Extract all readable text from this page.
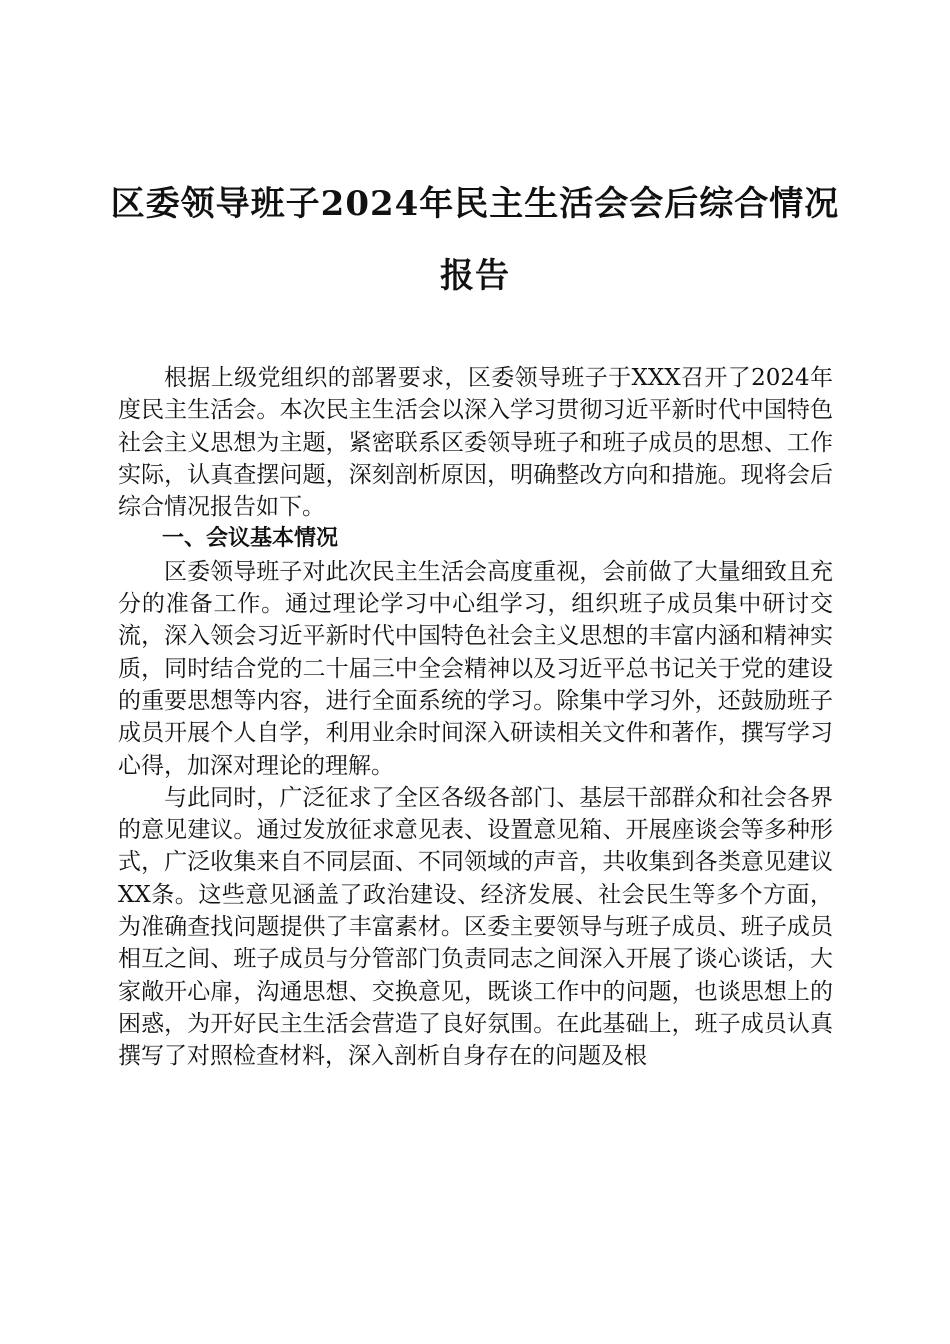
区委领导班子2024年民主生活会会后综合情况报告

根据上级党组织的部署要求，区委领导班子于XXX召开了2024年度民主生活会。本次民主生活会以深入学习贯彻习近平新时代中国特色社会主义思想为主题，紧密联系区委领导班子和班子成员的思想、工作实际，认真查摆问题，深刻剖析原因，明确整改方向和措施。现将会后综合情况报告如下。

一、会议基本情况

区委领导班子对此次民主生活会高度重视，会前做了大量细致且充分的准备工作。通过理论学习中心组学习，组织班子成员集中研讨交流，深入领会习近平新时代中国特色社会主义思想的丰富内涵和精神实质，同时结合党的二十届三中全会精神以及习近平总书记关于党的建设的重要思想等内容，进行全面系统的学习。除集中学习外，还鼓励班子成员开展个人自学，利用业余时间深入研读相关文件和著作，撰写学习心得，加深对理论的理解。

与此同时，广泛征求了全区各级各部门、基层干部群众和社会各界的意见建议。通过发放征求意见表、设置意见箱、开展座谈会等多种形式，广泛收集来自不同层面、不同领域的声音，共收集到各类意见建议XX条。这些意见涵盖了政治建设、经济发展、社会民生等多个方面，为准确查找问题提供了丰富素材。区委主要领导与班子成员、班子成员相互之间、班子成员与分管部门负责同志之间深入开展了谈心谈话，大家敞开心扉，沟通思想、交换意见，既谈工作中的问题，也谈思想上的困惑，为开好民主生活会营造了良好氛围。在此基础上，班子成员认真撰写了对照检查材料，深入剖析自身存在的问题及根
